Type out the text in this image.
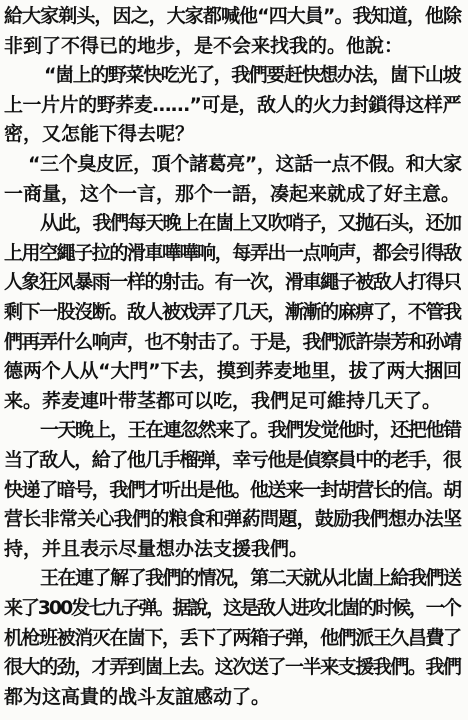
給大家剃头，因之，大家都喊他“四大員”。我知道，他除
非到了不得已的地步，是不会来找我的。他說：
“崮上的野菜快吃光了，我們要赶快想办法，崮下山坡
上一片片的野荞麦……”可是，敌人的火力封鎖得这样严
密，又怎能下得去呢？
“三个臭皮匠，頂个諸葛亮”，这話一点不假。和大家
一商量，这个一言，那个一語，凑起来就成了好主意。
从此，我們每天晚上在崮上又吹哨子，又抛石头，还加
上用空繩子拉的滑車嘩嘩响，每弄出一点响声，都会引得敌
人象狂风暴雨一样的射击。有一次，滑車繩子被敌人打得只
剩下一股沒断。敌人被戏弄了几天，漸漸的麻痹了，不管我
們再弄什么响声，也不射击了。于是，我們派許崇芳和孙靖
德两个人从“大門”下去，摸到荞麦地里，拔了两大捆回
来。荞麦連叶带茎都可以吃，我們足可維持几天了。
一天晚上，王在連忽然来了。我們发觉他时，还把他错
当了敌人，給了他几手榴弹，幸亏他是偵察員中的老手，很
快递了暗号，我們才听出是他。他送来一封胡营长的信。胡
营长非常关心我們的粮食和弹葯問題，鼓励我們想办法坚
持，并且表示尽量想办法支援我們。
王在連了解了我們的情况，第二天就从北崮上給我們送
来了300发七九子弹。据說，这是敌人进攻北崮的时候，一个
机枪班被消灭在崮下，丢下了两箱子弹，他們派王久昌費了
很大的劲，才弄到崮上去。这次送了一半来支援我們。我們
都为这高貴的战斗友誼感动了。
